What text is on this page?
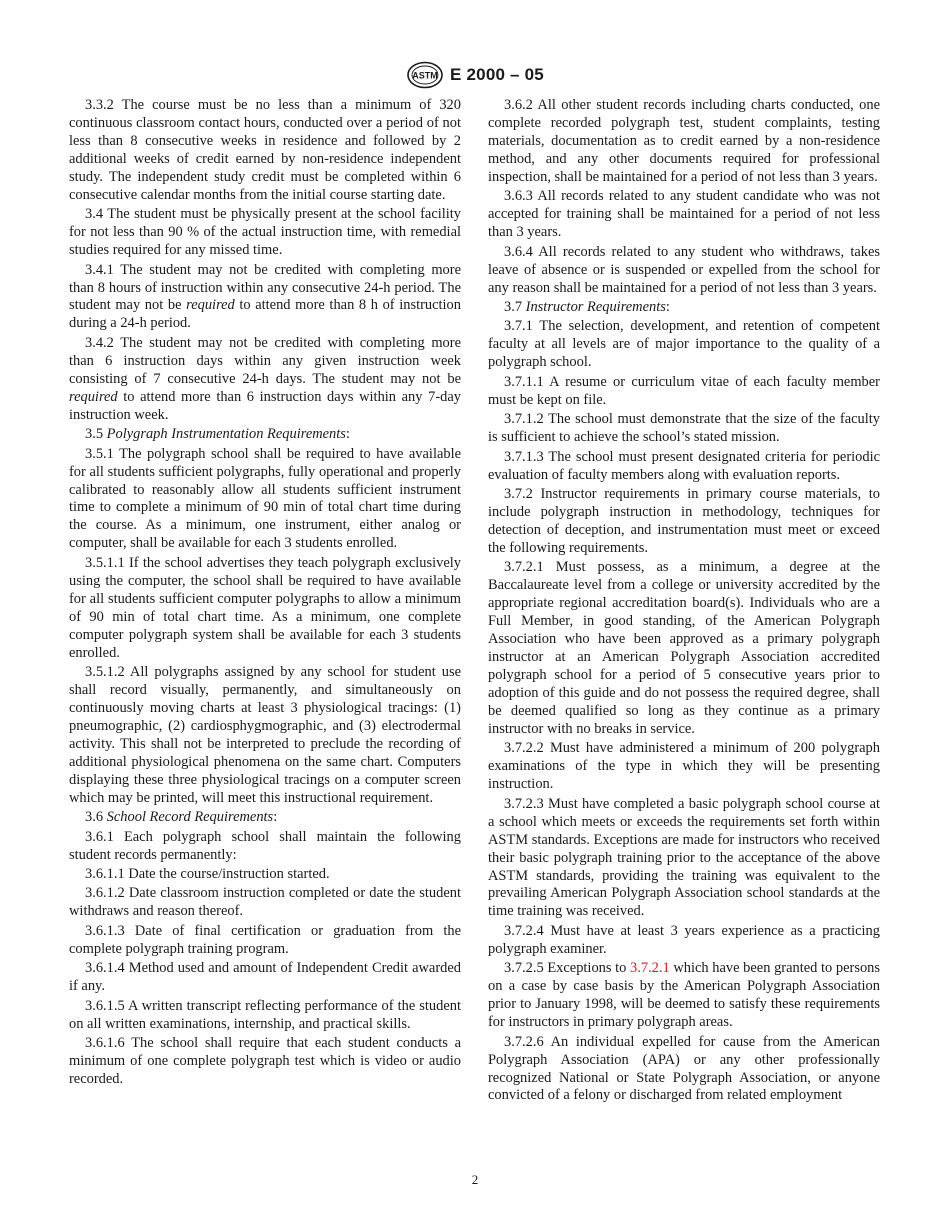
ASTM E 2000 – 05

3.3.2 The course must be no less than a minimum of 320 continuous classroom contact hours, conducted over a period of not less than 8 consecutive weeks in residence and followed by 2 additional weeks of credit earned by non-residence independent study. The independent study credit must be completed within 6 consecutive calendar months from the initial course starting date.

3.4 The student must be physically present at the school facility for not less than 90 % of the actual instruction time, with remedial studies required for any missed time.

3.4.1 The student may not be credited with completing more than 8 hours of instruction within any consecutive 24-h period. The student may not be required to attend more than 8 h of instruction during a 24-h period.

3.4.2 The student may not be credited with completing more than 6 instruction days within any given instruction week consisting of 7 consecutive 24-h days. The student may not be required to attend more than 6 instruction days within any 7-day instruction week.

3.5 Polygraph Instrumentation Requirements:

3.5.1 The polygraph school shall be required to have available for all students sufficient polygraphs, fully operational and properly calibrated to reasonably allow all students sufficient instrument time to complete a minimum of 90 min of total chart time during the course. As a minimum, one instrument, either analog or computer, shall be available for each 3 students enrolled.

3.5.1.1 If the school advertises they teach polygraph exclusively using the computer, the school shall be required to have available for all students sufficient computer polygraphs to allow a minimum of 90 min of total chart time. As a minimum, one complete computer polygraph system shall be available for each 3 students enrolled.

3.5.1.2 All polygraphs assigned by any school for student use shall record visually, permanently, and simultaneously on continuously moving charts at least 3 physiological tracings: (1) pneumographic, (2) cardiosphygmographic, and (3) electrodermal activity. This shall not be interpreted to preclude the recording of additional physiological phenomena on the same chart. Computers displaying these three physiological tracings on a computer screen which may be printed, will meet this instructional requirement.

3.6 School Record Requirements:

3.6.1 Each polygraph school shall maintain the following student records permanently:

3.6.1.1 Date the course/instruction started.

3.6.1.2 Date classroom instruction completed or date the student withdraws and reason thereof.

3.6.1.3 Date of final certification or graduation from the complete polygraph training program.

3.6.1.4 Method used and amount of Independent Credit awarded if any.

3.6.1.5 A written transcript reflecting performance of the student on all written examinations, internship, and practical skills.

3.6.1.6 The school shall require that each student conducts a minimum of one complete polygraph test which is video or audio recorded.

3.6.2 All other student records including charts conducted, one complete recorded polygraph test, student complaints, testing materials, documentation as to credit earned by a non-residence method, and any other documents required for professional inspection, shall be maintained for a period of not less than 3 years.

3.6.3 All records related to any student candidate who was not accepted for training shall be maintained for a period of not less than 3 years.

3.6.4 All records related to any student who withdraws, takes leave of absence or is suspended or expelled from the school for any reason shall be maintained for a period of not less than 3 years.

3.7 Instructor Requirements:

3.7.1 The selection, development, and retention of competent faculty at all levels are of major importance to the quality of a polygraph school.

3.7.1.1 A resume or curriculum vitae of each faculty member must be kept on file.

3.7.1.2 The school must demonstrate that the size of the faculty is sufficient to achieve the school’s stated mission.

3.7.1.3 The school must present designated criteria for periodic evaluation of faculty members along with evaluation reports.

3.7.2 Instructor requirements in primary course materials, to include polygraph instruction in methodology, techniques for detection of deception, and instrumentation must meet or exceed the following requirements.

3.7.2.1 Must possess, as a minimum, a degree at the Baccalaureate level from a college or university accredited by the appropriate regional accreditation board(s). Individuals who are a Full Member, in good standing, of the American Polygraph Association who have been approved as a primary polygraph instructor at an American Polygraph Association accredited polygraph school for a period of 5 consecutive years prior to adoption of this guide and do not possess the required degree, shall be deemed qualified so long as they continue as a primary instructor with no breaks in service.

3.7.2.2 Must have administered a minimum of 200 polygraph examinations of the type in which they will be presenting instruction.

3.7.2.3 Must have completed a basic polygraph school course at a school which meets or exceeds the requirements set forth within ASTM standards. Exceptions are made for instructors who received their basic polygraph training prior to the acceptance of the above ASTM standards, providing the training was equivalent to the prevailing American Polygraph Association school standards at the time training was received.

3.7.2.4 Must have at least 3 years experience as a practicing polygraph examiner.

3.7.2.5 Exceptions to 3.7.2.1 which have been granted to persons on a case by case basis by the American Polygraph Association prior to January 1998, will be deemed to satisfy these requirements for instructors in primary polygraph areas.

3.7.2.6 An individual expelled for cause from the American Polygraph Association (APA) or any other professionally recognized National or State Polygraph Association, or anyone convicted of a felony or discharged from related employment

2
